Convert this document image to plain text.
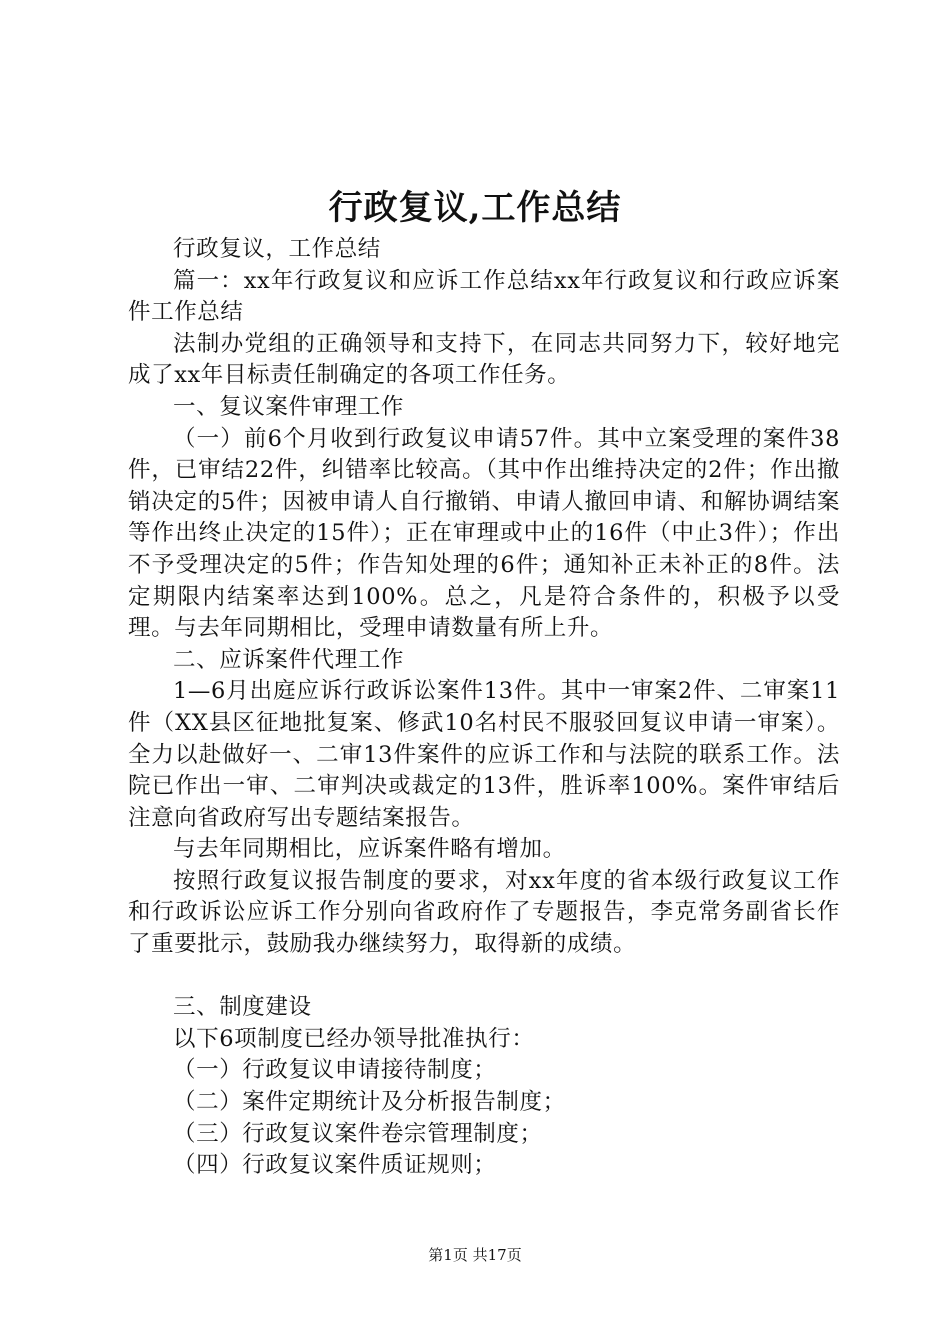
行政复议,工作总结

行政复议，工作总结

篇一：xx年行政复议和应诉工作总结xx年行政复议和行政应诉案件工作总结

法制办党组的正确领导和支持下，在同志共同努力下，较好地完成了xx年目标责任制确定的各项工作任务。

一、复议案件审理工作

（一）前6个月收到行政复议申请57件。其中立案受理的案件38件，已审结22件，纠错率比较高。（其中作出维持决定的2件；作出撤销决定的5件；因被申请人自行撤销、申请人撤回申请、和解协调结案等作出终止决定的15件）；正在审理或中止的16件（中止3件）；作出不予受理决定的5件；作告知处理的6件；通知补正未补正的8件。法定期限内结案率达到100%。总之，凡是符合条件的，积极予以受理。与去年同期相比，受理申请数量有所上升。

二、应诉案件代理工作

1—6月出庭应诉行政诉讼案件13件。其中一审案2件、二审案11件（XX县区征地批复案、修武10名村民不服驳回复议申请一审案）。全力以赴做好一、二审13件案件的应诉工作和与法院的联系工作。法院已作出一审、二审判决或裁定的13件，胜诉率100%。案件审结后注意向省政府写出专题结案报告。

与去年同期相比，应诉案件略有增加。

按照行政复议报告制度的要求，对xx年度的省本级行政复议工作和行政诉讼应诉工作分别向省政府作了专题报告，李克常务副省长作了重要批示，鼓励我办继续努力，取得新的成绩。

三、制度建设

以下6项制度已经办领导批准执行：

（一）行政复议申请接待制度；

（二）案件定期统计及分析报告制度；

（三）行政复议案件卷宗管理制度；

（四）行政复议案件质证规则；

第1页 共17页
